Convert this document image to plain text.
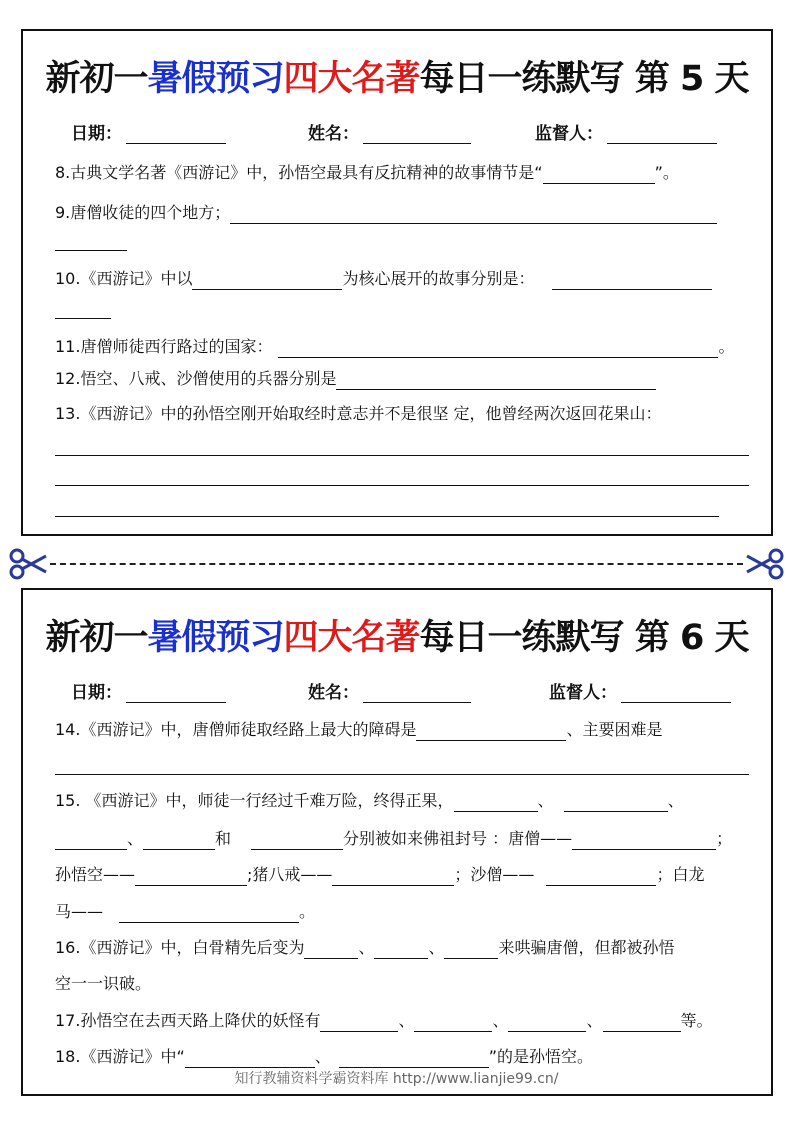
新初一暑假预习四大名著每日一练默写 第 5 天
日期：	姓名：	监督人：
8.古典文学名著《西游记》中，孙悟空最具有反抗精神的故事情节是“	”。
9.唐僧收徒的四个地方；
10.《西游记》中以	为核心展开的故事分别是：
11.唐僧师徒西行路过的国家：	。
12.悟空、八戒、沙僧使用的兵器分别是
13.《西游记》中的孙悟空刚开始取经时意志并不是很坚 定，他曾经两次返回花果山：
新初一暑假预习四大名著每日一练默写 第 6 天
日期：	姓名：	监督人：
14.《西游记》中，唐僧师徒取经路上最大的障碍是	、主要困难是
15. 《西游记》中，师徒一行经过千难万险，终得正果，	、	、
、	和	分别被如来佛祖封号 ：唐僧——	；
孙悟空——	;猪八戒——	；沙僧——	；白龙
马——	。
16.《西游记》中，白骨精先后变为	、	、	来哄骗唐僧，但都被孙悟
空一一识破。
17.孙悟空在去西天路上降伏的妖怪有	、	、	、	等。
18.《西游记》中“	、	”的是孙悟空。
知行教辅资料学霸资料库 http://www.lianjie99.cn/
